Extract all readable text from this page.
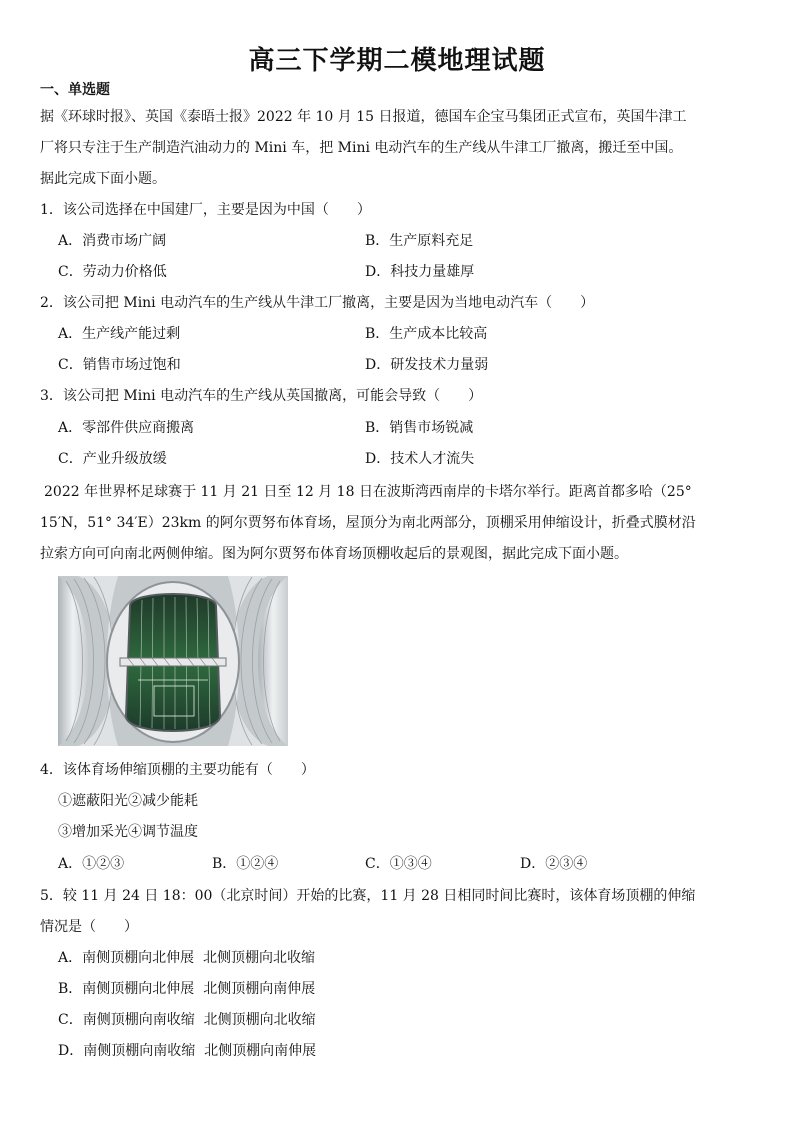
高三下学期二模地理试题
一、单选题
据《环球时报》、英国《泰晤士报》2022 年 10 月 15 日报道，德国车企宝马集团正式宣布，英国牛津工
厂将只专注于生产制造汽油动力的 Mini 车，把 Mini 电动汽车的生产线从牛津工厂撤离，搬迁至中国。
据此完成下面小题。
1．该公司选择在中国建厂，主要是因为中国（　　）
A．消费市场广阔	B．生产原料充足
C．劳动力价格低	D．科技力量雄厚
2．该公司把 Mini 电动汽车的生产线从牛津工厂撤离，主要是因为当地电动汽车（　　）
A．生产线产能过剩	B．生产成本比较高
C．销售市场过饱和	D．研发技术力量弱
3．该公司把 Mini 电动汽车的生产线从英国撤离，可能会导致（　　）
A．零部件供应商搬离	B．销售市场锐减
C．产业升级放缓	D．技术人才流失
2022 年世界杯足球赛于 11 月 21 日至 12 月 18 日在波斯湾西南岸的卡塔尔举行。距离首都多哈（25°
15′N，51° 34′E）23km 的阿尔贾努布体育场，屋顶分为南北两部分，顶棚采用伸缩设计，折叠式膜材沿
拉索方向可向南北两侧伸缩。图为阿尔贾努布体育场顶棚收起后的景观图，据此完成下面小题。
4．该体育场伸缩顶棚的主要功能有（　　）
①遮蔽阳光②减少能耗
③增加采光④调节温度
A．①②③	B．①②④	C．①③④	D．②③④
5．较 11 月 24 日 18：00（北京时间）开始的比赛，11 月 28 日相同时间比赛时，该体育场顶棚的伸缩
情况是（　　）
A．南侧顶棚向北伸展  北侧顶棚向北收缩
B．南侧顶棚向北伸展  北侧顶棚向南伸展
C．南侧顶棚向南收缩  北侧顶棚向北收缩
D．南侧顶棚向南收缩  北侧顶棚向南伸展
